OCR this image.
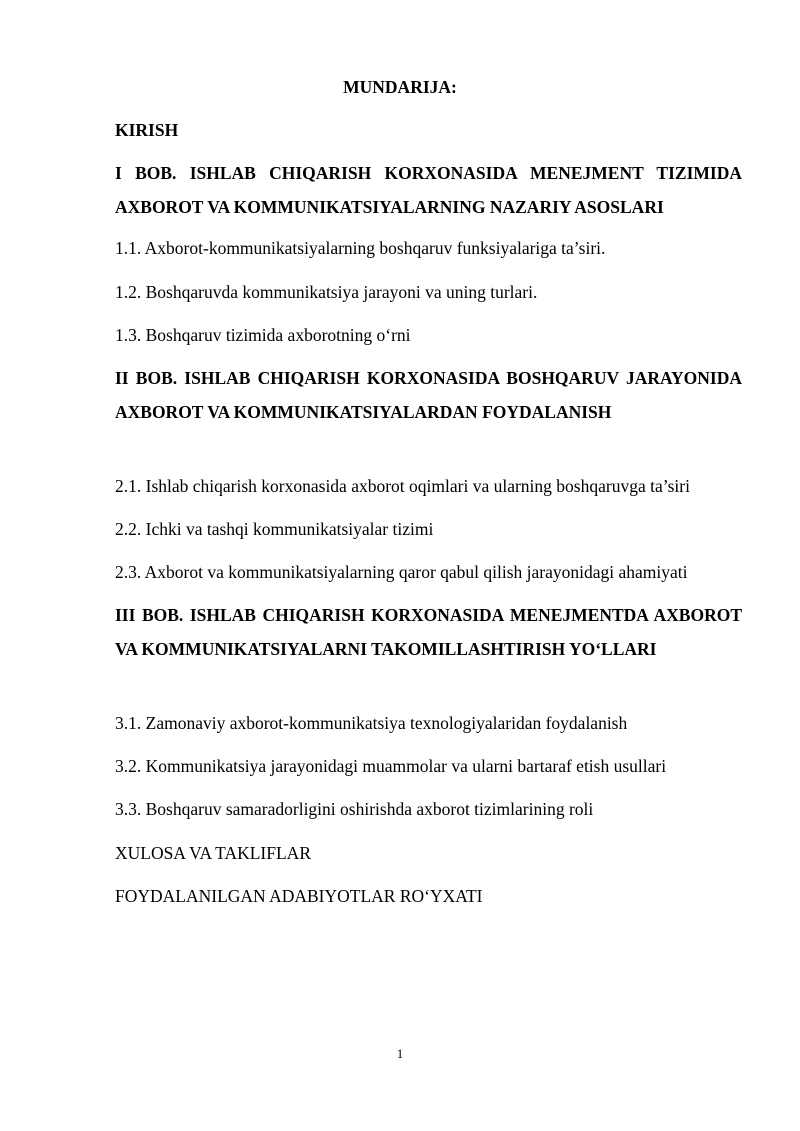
MUNDARIJA:
KIRISH
I BOB. ISHLAB CHIQARISH KORXONASIDA MENEJMENT TIZIMIDA AXBOROT VA KOMMUNIKATSIYALARNING NAZARIY ASOSLARI
1.1. Axborot-kommunikatsiyalarning boshqaruv funksiyalariga ta’siri.
1.2. Boshqaruvda kommunikatsiya jarayoni va uning turlari.
1.3. Boshqaruv tizimida axborotning o‘rni
II BOB. ISHLAB CHIQARISH KORXONASIDA BOSHQARUV JARAYONIDA AXBOROT VA KOMMUNIKATSIYALARDAN FOYDALANISH
2.1. Ishlab chiqarish korxonasida axborot oqimlari va ularning boshqaruvga ta’siri
2.2. Ichki va tashqi kommunikatsiyalar tizimi
2.3. Axborot va kommunikatsiyalarning qaror qabul qilish jarayonidagi ahamiyati
III BOB. ISHLAB CHIQARISH KORXONASIDA MENEJMENTDA AXBOROT VA KOMMUNIKATSIYALARNI TAKOMILLASHTIRISH YO‘LLARI
3.1. Zamonaviy axborot-kommunikatsiya texnologiyalaridan foydalanish
3.2. Kommunikatsiya jarayonidagi muammolar va ularni bartaraf etish usullari
3.3. Boshqaruv samaradorligini oshirishda axborot tizimlarining roli
XULOSA VA TAKLIFLAR
FOYDALANILGAN ADABIYOTLAR RO‘YXATI
1
